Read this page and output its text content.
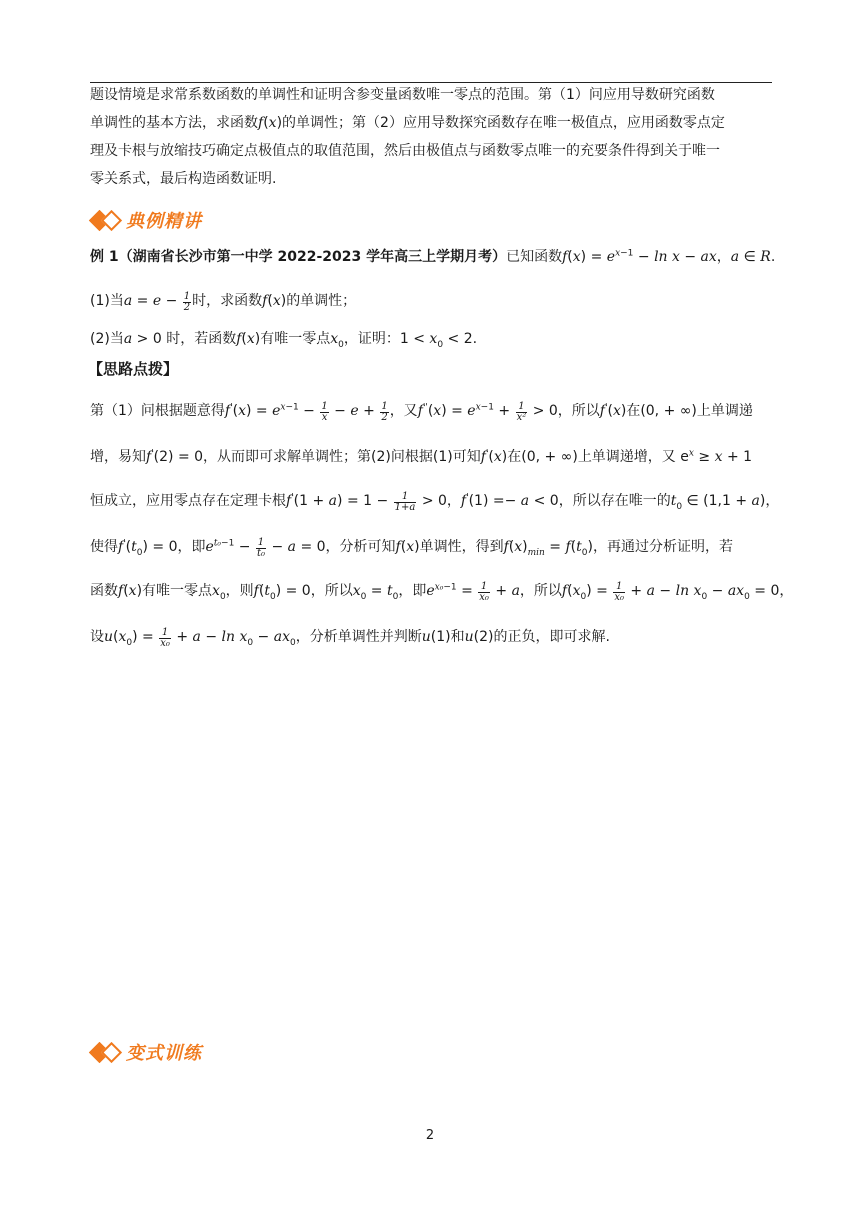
题设情境是求常系数函数的单调性和证明含参变量函数唯一零点的范围。第（1）问应用导数研究函数
单调性的基本方法，求函数f(x)的单调性；第（2）应用导数探究函数存在唯一极值点，应用函数零点定
理及卡根与放缩技巧确定点极值点的取值范围，然后由极值点与函数零点唯一的充要条件得到关于唯一
零关系式，最后构造函数证明.
典例精讲
例 1（湖南省长沙市第一中学 2022-2023 学年高三上学期月考）已知函数$f(x) = e^{x-1} - \ln x$ − ax，a ∈ R.
(1)当$a = e - \frac{1}{2}$ 时，求函数f(x)的单调性；
(2)当a > 0 时，若函数f(x)有唯一零点$x_0$，证明：$1 < x_0 < 2$.
【思路点拨】
第（1）问根据题意得$f'(x) = e^{x-1} - \frac{1}{x} - e + \frac{1}{2}$ ，又$f''(x) = e^{x-1} + \frac{1}{\text{x²}} > 0$，所以f'(x)在(0, + ∞)上单调递
增，易知f'(2) = 0，从而即可求解单调性；第(2)问根据(1)可知f'(x)在(0, + ∞)上单调递增，又 $e^x \ge x + 1$
恒成立，应用零点存在定理卡根$f'(1 + a) = 1 - \frac{1}{1+a} > 0$，f'(1) =− a < 0，所以存在唯一的$t_0$ ∈ (1,1 + a)，
使得$f'(t_0) = 0$，即$e^{t_0-1} - \frac{1}{\text{t₀}} - a = 0$，分析可知f(x)单调性，得到$f(x)_{min} = f(t_0)$，再通过分析证明，若
函数f(x)有唯一零点$x_0$，则$f(t_0) = 0$，所以$x_0 = t_0$，即$e^{x_0-1} = \frac{1}{\text{x₀}} + a$，所以$f(x_0) = \frac{1}{\text{x₀}} + a - \ln x_0 - ax_0 = 0$，
设$u(x_0) = \frac{1}{\text{x₀}} + a - \ln x_0 - ax_0$，分析单调性并判断u(1)和u(2)的正负，即可求解.
变式训练
2
